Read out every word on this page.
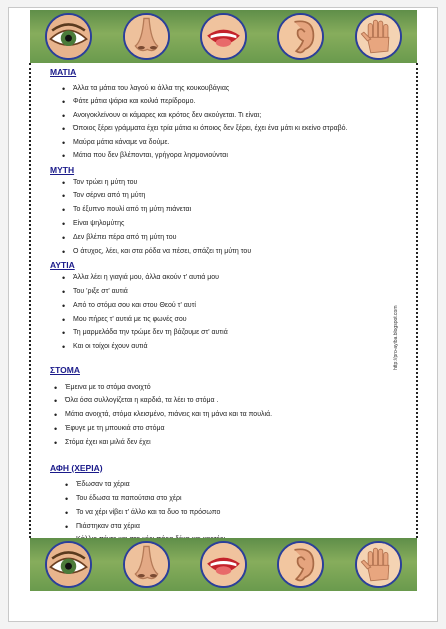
ΜΑΤΙΑ
• Άλλα τα μάτια του λαγού κι άλλα της κουκουβάγιας
• Φάτε μάτια ψάρια και κοιλιά περίδρομο.
• Ανοιγοκλείνουν οι κάμαρες και κρότος δεν ακούγεται. Τι είναι;
• Όποιος ξέρει γράμματα έχει τρία μάτια κι όποιος δεν ξέρει, έχει ένα μάτι κι εκείνο στραβό.
• Μαύρα μάτια κάναμε να δούμε.
• Μάτια που δεν βλέπονται, γρήγορα λησμονιούνται
ΜΥΤΗ
• Τον τρώει η μύτη του
• Τον σέρνει από τη μύτη
• Το έξυπνο πουλί από τη μύτη πιάνεται
• Είναι ψηλομύτης
• Δεν βλέπει πέρα από τη μύτη του
• Ο άτυχος, λέει, και στα ρόδα να πέσει, σπάζει τη μύτη του
ΑΥΤΙΑ
• Άλλα λέει η γιαγιά μου, άλλα ακούν τ' αυτιά μου
• Του 'ριξε στ' αυτιά
• Από το στόμα σου και στου Θεού τ' αυτί
• Μου πήρες τ' αυτιά με τις φωνές σου
• Τη μαρμελάδα την τρώμε δεν τη βάζουμε στ' αυτιά
• Και οι τοίχοι έχουν αυτιά
ΣΤΟΜΑ
• Έμεινα με το στόμα ανοιχτό
• Όλα όσα συλλογίζεται η καρδιά, τα λέει το στόμα .
• Μάτια ανοιχτά, στόμα κλεισμένο, πιάνεις και τη μάνα και τα πουλιά.
• Έφυγε με τη μπουκιά στο στόμα
• Στόμα έχει και μιλιά δεν έχει
ΑΦΗ (ΧΕΡΙΑ)
• Έδωσαν τα χέρια
• Του έδωσα τα παπούτσια στο χέρι
• Το να χέρι νίβει τ' άλλο και τα δυο το πρόσωπο
• Πιάστηκαν στα χέρια
•
•
http://pro-ayiba.blogspot.com
